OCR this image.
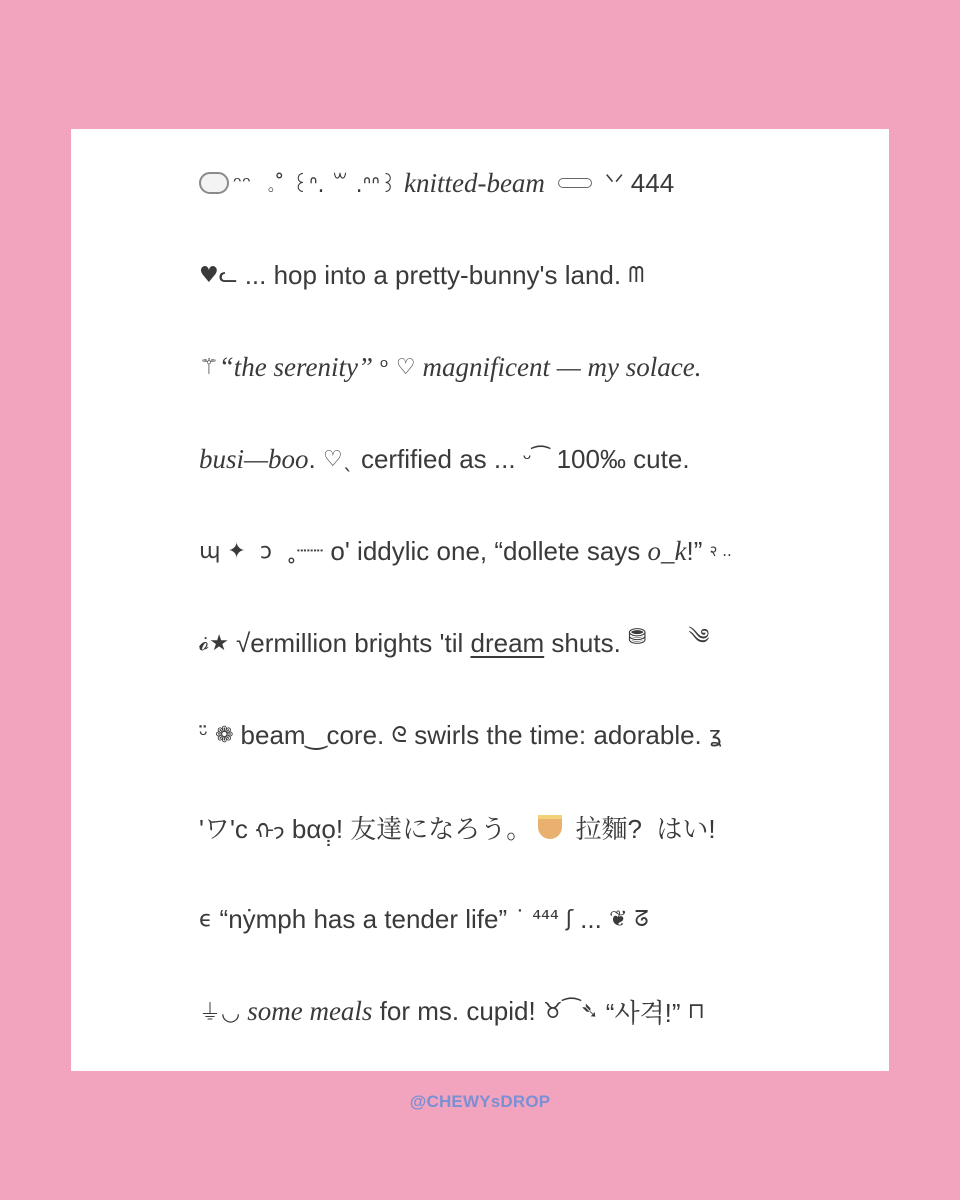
ᵔᵔ  ｡˚ ꒰ᐢ. ꒳ .ᐢᐢ꒱ knitted-beam
ᐠᐟ 444
♥︎ᓚ ... hop into a pretty-bunny's land. ᗰ
⚚ “the serenity” ᵒ ♡ magnificent — my solace.
busi—boo . ♡ˎ cerfified as ... ᵕ⁀ 100‰ cute.
ɰ ✦  ͻ  ˳┈┈ o' iddylic one, “dollete says o_k !” २ ..
𝓸̇★ √ermillion brights 'til dream shuts. ⛃      ༄
ᵕ̈ ❁ beam‿core. ᘓ swirls the time: adorable. ʓ
'ワ'c ᡣ𐭩 bαọ̣! 友達になろう。 拉麵?  はい!
ϵ “nẏmph has a tender life” ˙ ⁴⁴⁴ ʃ ... ❦ ᘔ
⏚◡ some meals for ms. cupid! ♉⁀➴ “사격!” ⊓
@CHEWYsDROP
